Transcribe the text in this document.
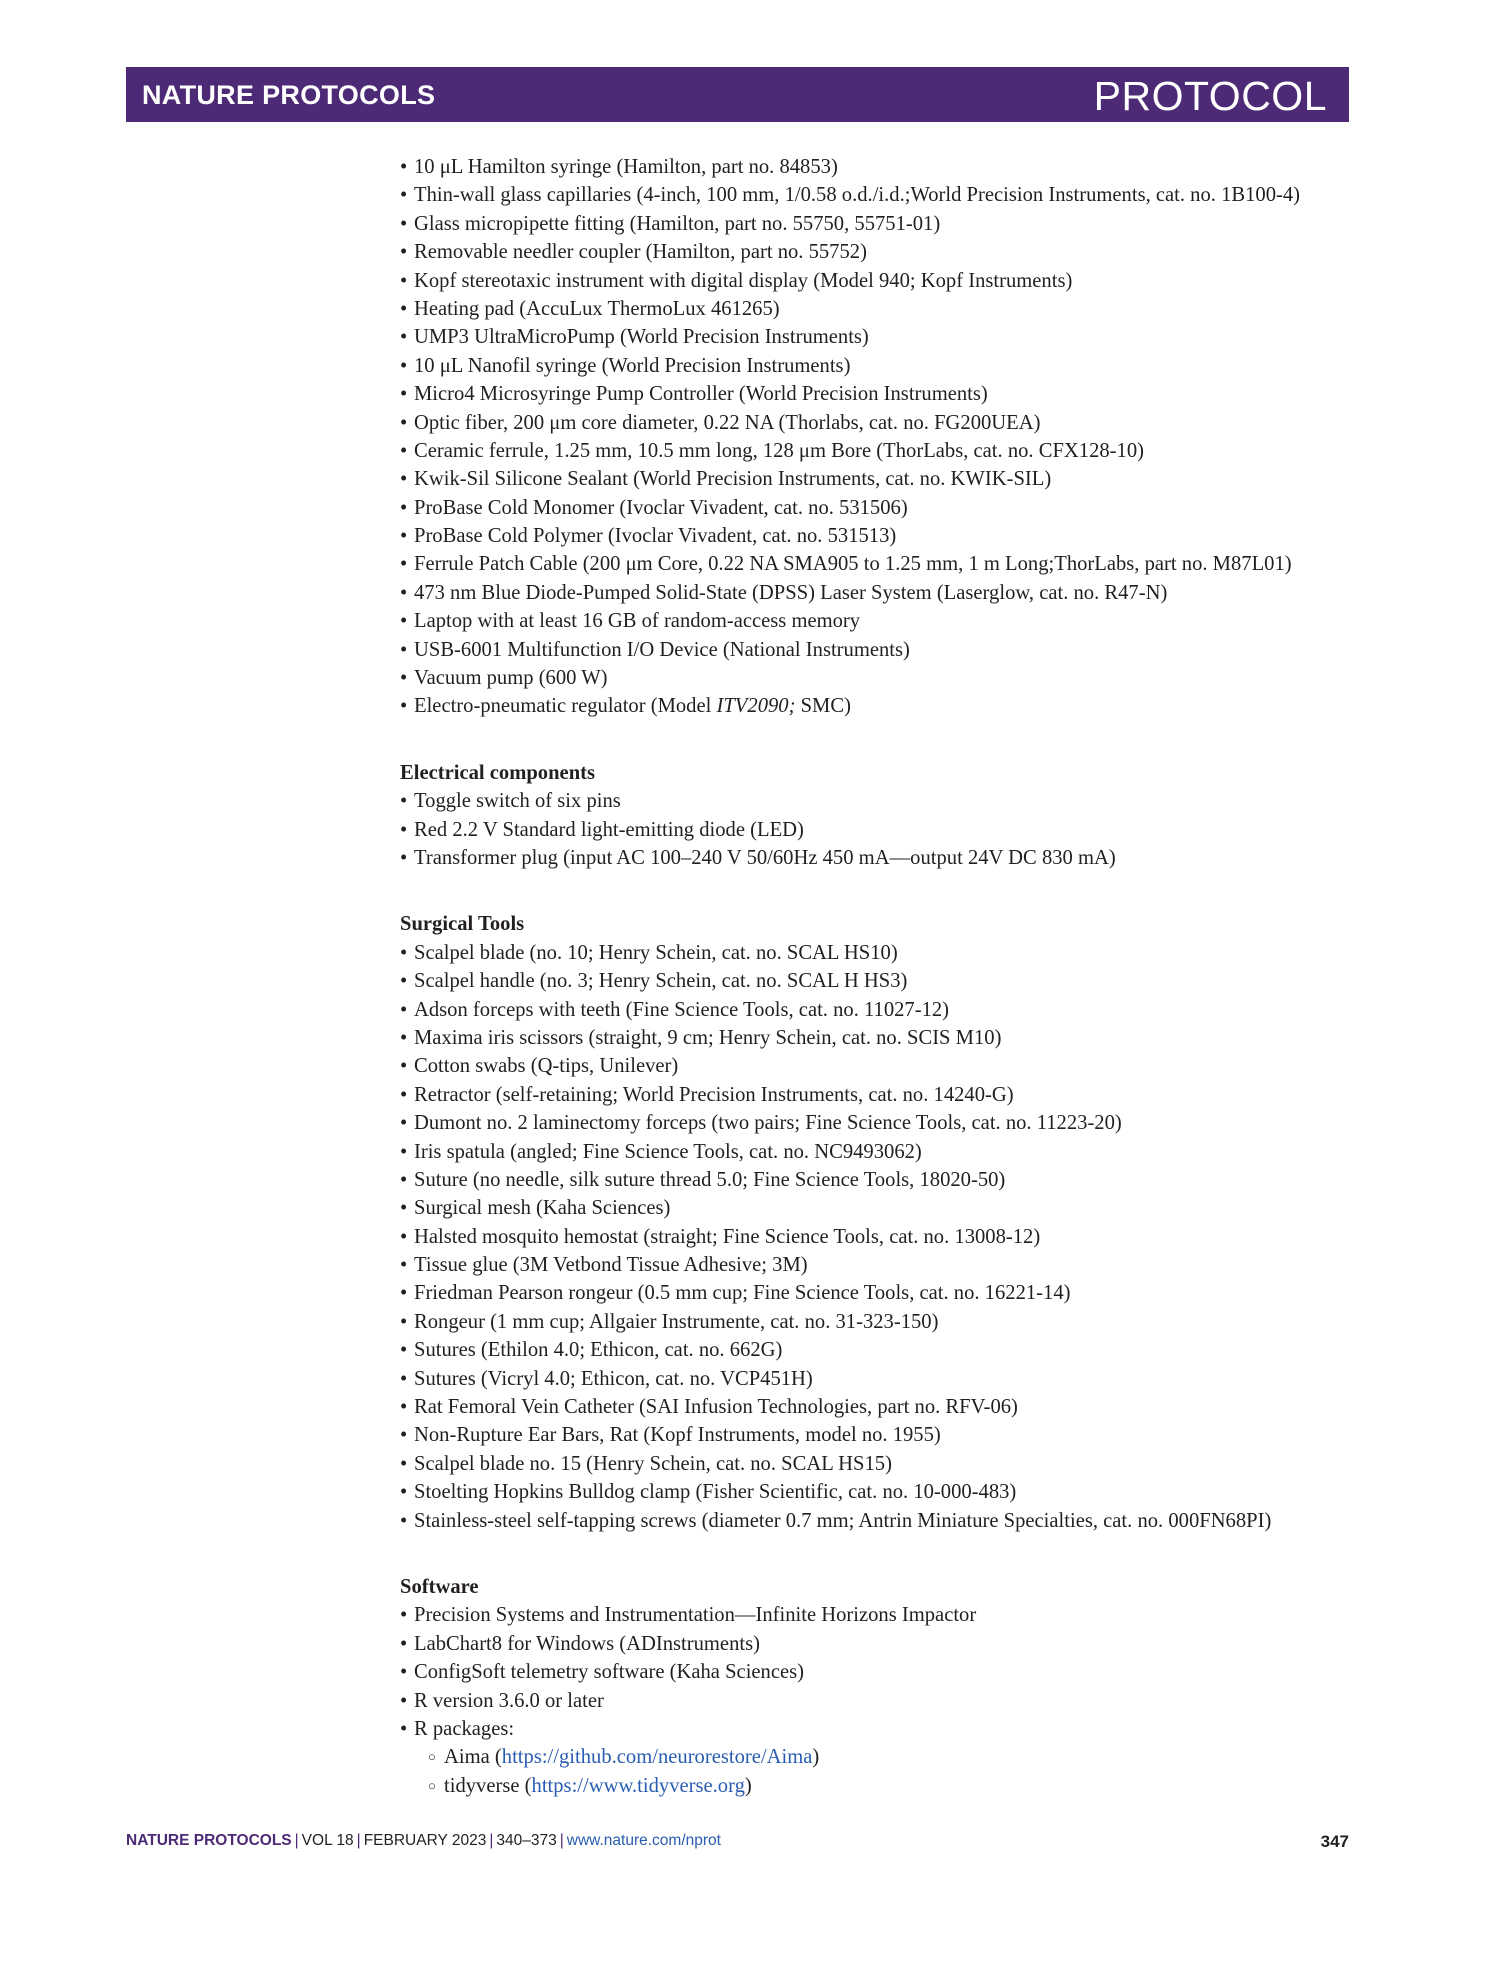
NATURE PROTOCOLS	PROTOCOL
• 10 μL Hamilton syringe (Hamilton, part no. 84853)
• Thin-wall glass capillaries (4-inch, 100 mm, 1/0.58 o.d./i.d.;World Precision Instruments, cat. no. 1B100-4)
• Glass micropipette fitting (Hamilton, part no. 55750, 55751-01)
• Removable needler coupler (Hamilton, part no. 55752)
• Kopf stereotaxic instrument with digital display (Model 940; Kopf Instruments)
• Heating pad (AccuLux ThermoLux 461265)
• UMP3 UltraMicroPump (World Precision Instruments)
• 10 μL Nanofil syringe (World Precision Instruments)
• Micro4 Microsyringe Pump Controller (World Precision Instruments)
• Optic fiber, 200 μm core diameter, 0.22 NA (Thorlabs, cat. no. FG200UEA)
• Ceramic ferrule, 1.25 mm, 10.5 mm long, 128 μm Bore (ThorLabs, cat. no. CFX128-10)
• Kwik-Sil Silicone Sealant (World Precision Instruments, cat. no. KWIK-SIL)
• ProBase Cold Monomer (Ivoclar Vivadent, cat. no. 531506)
• ProBase Cold Polymer (Ivoclar Vivadent, cat. no. 531513)
• Ferrule Patch Cable (200 μm Core, 0.22 NA SMA905 to 1.25 mm, 1 m Long;ThorLabs, part no. M87L01)
• 473 nm Blue Diode-Pumped Solid-State (DPSS) Laser System (Laserglow, cat. no. R47-N)
• Laptop with at least 16 GB of random-access memory
• USB-6001 Multifunction I/O Device (National Instruments)
• Vacuum pump (600 W)
• Electro-pneumatic regulator (Model ITV2090; SMC)
Electrical components
• Toggle switch of six pins
• Red 2.2 V Standard light-emitting diode (LED)
• Transformer plug (input AC 100–240 V 50/60Hz 450 mA—output 24V DC 830 mA)
Surgical Tools
• Scalpel blade (no. 10; Henry Schein, cat. no. SCAL HS10)
• Scalpel handle (no. 3; Henry Schein, cat. no. SCAL H HS3)
• Adson forceps with teeth (Fine Science Tools, cat. no. 11027-12)
• Maxima iris scissors (straight, 9 cm; Henry Schein, cat. no. SCIS M10)
• Cotton swabs (Q-tips, Unilever)
• Retractor (self-retaining; World Precision Instruments, cat. no. 14240-G)
• Dumont no. 2 laminectomy forceps (two pairs; Fine Science Tools, cat. no. 11223-20)
• Iris spatula (angled; Fine Science Tools, cat. no. NC9493062)
• Suture (no needle, silk suture thread 5.0; Fine Science Tools, 18020-50)
• Surgical mesh (Kaha Sciences)
• Halsted mosquito hemostat (straight; Fine Science Tools, cat. no. 13008-12)
• Tissue glue (3M Vetbond Tissue Adhesive; 3M)
• Friedman Pearson rongeur (0.5 mm cup; Fine Science Tools, cat. no. 16221-14)
• Rongeur (1 mm cup; Allgaier Instrumente, cat. no. 31-323-150)
• Sutures (Ethilon 4.0; Ethicon, cat. no. 662G)
• Sutures (Vicryl 4.0; Ethicon, cat. no. VCP451H)
• Rat Femoral Vein Catheter (SAI Infusion Technologies, part no. RFV-06)
• Non-Rupture Ear Bars, Rat (Kopf Instruments, model no. 1955)
• Scalpel blade no. 15 (Henry Schein, cat. no. SCAL HS15)
• Stoelting Hopkins Bulldog clamp (Fisher Scientific, cat. no. 10-000-483)
• Stainless-steel self-tapping screws (diameter 0.7 mm; Antrin Miniature Specialties, cat. no. 000FN68PI)
Software
• Precision Systems and Instrumentation—Infinite Horizons Impactor
• LabChart8 for Windows (ADInstruments)
• ConfigSoft telemetry software (Kaha Sciences)
• R version 3.6.0 or later
• R packages:
○ Aima (https://github.com/neurorestore/Aima)
○ tidyverse (https://www.tidyverse.org)
NATURE PROTOCOLS | VOL 18 | FEBRUARY 2023 | 340–373 | www.nature.com/nprot	347
